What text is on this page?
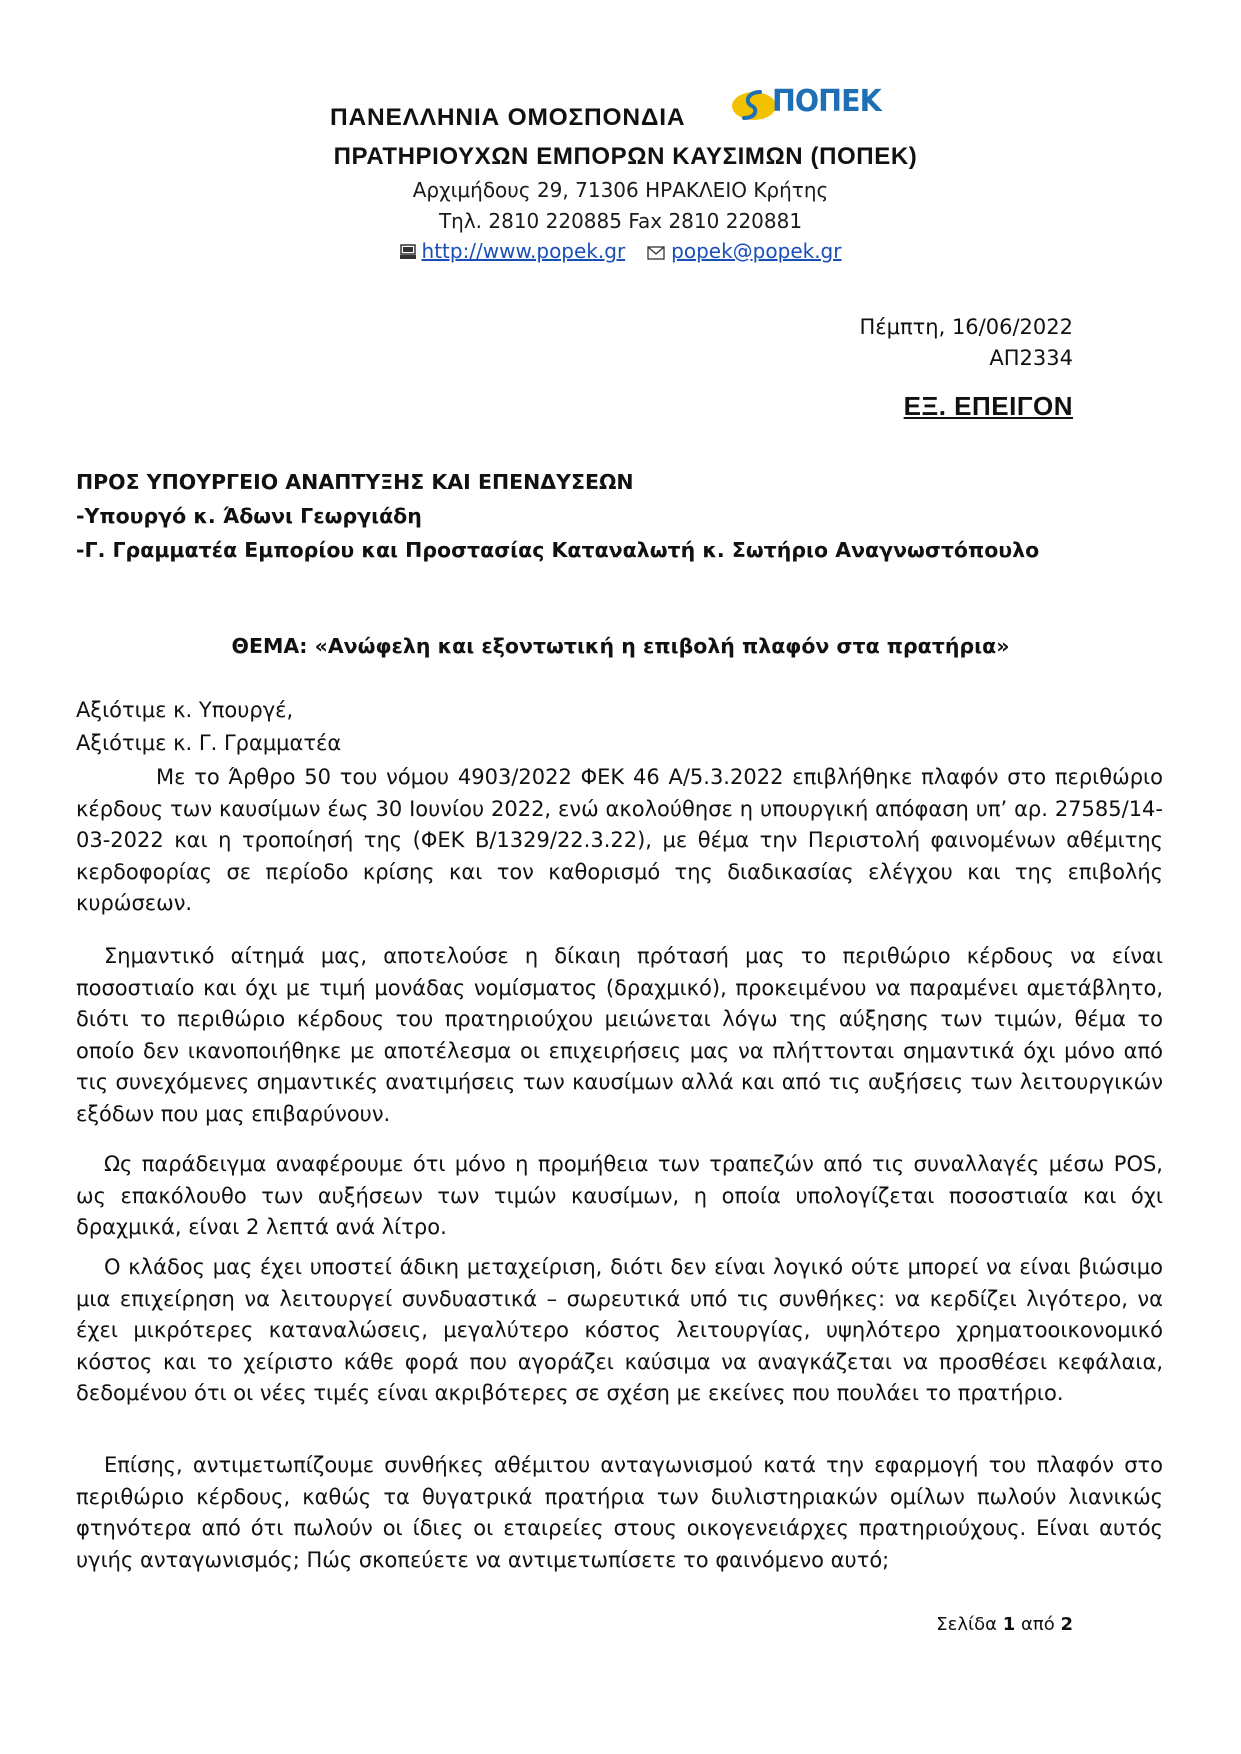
ΠΑΝΕΛΛΗΝΙΑ ΟΜΟΣΠΟΝΔΙΑ	ΠΟΠΕΚ
ΠΡΑΤΗΡΙΟΥΧΩΝ ΕΜΠΟΡΩΝ ΚΑΥΣΙΜΩΝ (ΠΟΠΕΚ)
Αρχιμήδους 29, 71306 ΗΡΑΚΛΕΙΟ Κρήτης
Τηλ. 2810 220885 Fax 2810 220881
http://www.popek.gr popek@popek.gr
Πέμπτη, 16/06/2022
ΑΠ2334
ΕΞ. ΕΠΕΙΓΟΝ
ΠΡΟΣ ΥΠΟΥΡΓΕΙΟ ΑΝΑΠΤΥΞΗΣ ΚΑΙ ΕΠΕΝΔΥΣΕΩΝ
-Υπουργό κ. Άδωνι Γεωργιάδη
-Γ. Γραμματέα Εμπορίου και Προστασίας Καταναλωτή κ. Σωτήριο Αναγνωστόπουλο
ΘΕΜΑ: «Ανώφελη και εξοντωτική η επιβολή πλαφόν στα πρατήρια»
Αξιότιμε κ. Υπουργέ,
Αξιότιμε κ. Γ. Γραμματέα
Με το Άρθρο 50 του νόμου 4903/2022 ΦΕΚ 46 Α/5.3.2022 επιβλήθηκε πλαφόν στο περιθώριο κέρδους των καυσίμων έως 30 Ιουνίου 2022, ενώ ακολούθησε η υπουργική απόφαση υπ’ αρ. 27585/14-03-2022 και η τροποίησή της (ΦΕΚ Β/1329/22.3.22), με θέμα την Περιστολή φαινομένων αθέμιτης κερδοφορίας σε περίοδο κρίσης και τον καθορισμό της διαδικασίας ελέγχου και της επιβολής κυρώσεων.
Σημαντικό αίτημά μας, αποτελούσε η δίκαιη πρότασή μας το περιθώριο κέρδους να είναι ποσοστιαίο και όχι με τιμή μονάδας νομίσματος (δραχμικό), προκειμένου να παραμένει αμετάβλητο, διότι το περιθώριο κέρδους του πρατηριούχου μειώνεται λόγω της αύξησης των τιμών, θέμα το οποίο δεν ικανοποιήθηκε με αποτέλεσμα οι επιχειρήσεις μας να πλήττονται σημαντικά όχι μόνο από τις συνεχόμενες σημαντικές ανατιμήσεις των καυσίμων αλλά και από τις αυξήσεις των λειτουργικών εξόδων που μας επιβαρύνουν.
Ως παράδειγμα αναφέρουμε ότι μόνο η προμήθεια των τραπεζών από τις συναλλαγές μέσω POS, ως επακόλουθο των αυξήσεων των τιμών καυσίμων, η οποία υπολογίζεται ποσοστιαία και όχι δραχμικά, είναι 2 λεπτά ανά λίτρο.
Ο κλάδος μας έχει υποστεί άδικη μεταχείριση, διότι δεν είναι λογικό ούτε μπορεί να είναι βιώσιμο μια επιχείρηση να λειτουργεί συνδυαστικά – σωρευτικά υπό τις συνθήκες: να κερδίζει λιγότερο, να έχει μικρότερες καταναλώσεις, μεγαλύτερο κόστος λειτουργίας, υψηλότερο χρηματοοικονομικό κόστος και το χείριστο κάθε φορά που αγοράζει καύσιμα να αναγκάζεται να προσθέσει κεφάλαια, δεδομένου ότι οι νέες τιμές είναι ακριβότερες σε σχέση με εκείνες που πουλάει το πρατήριο.
Επίσης, αντιμετωπίζουμε συνθήκες αθέμιτου ανταγωνισμού κατά την εφαρμογή του πλαφόν στο περιθώριο κέρδους, καθώς τα θυγατρικά πρατήρια των διυλιστηριακών ομίλων πωλούν λιανικώς φτηνότερα από ότι πωλούν οι ίδιες οι εταιρείες στους οικογενειάρχες πρατηριούχους. Είναι αυτός υγιής ανταγωνισμός; Πώς σκοπεύετε να αντιμετωπίσετε το φαινόμενο αυτό;
Σελίδα 1 από 2
